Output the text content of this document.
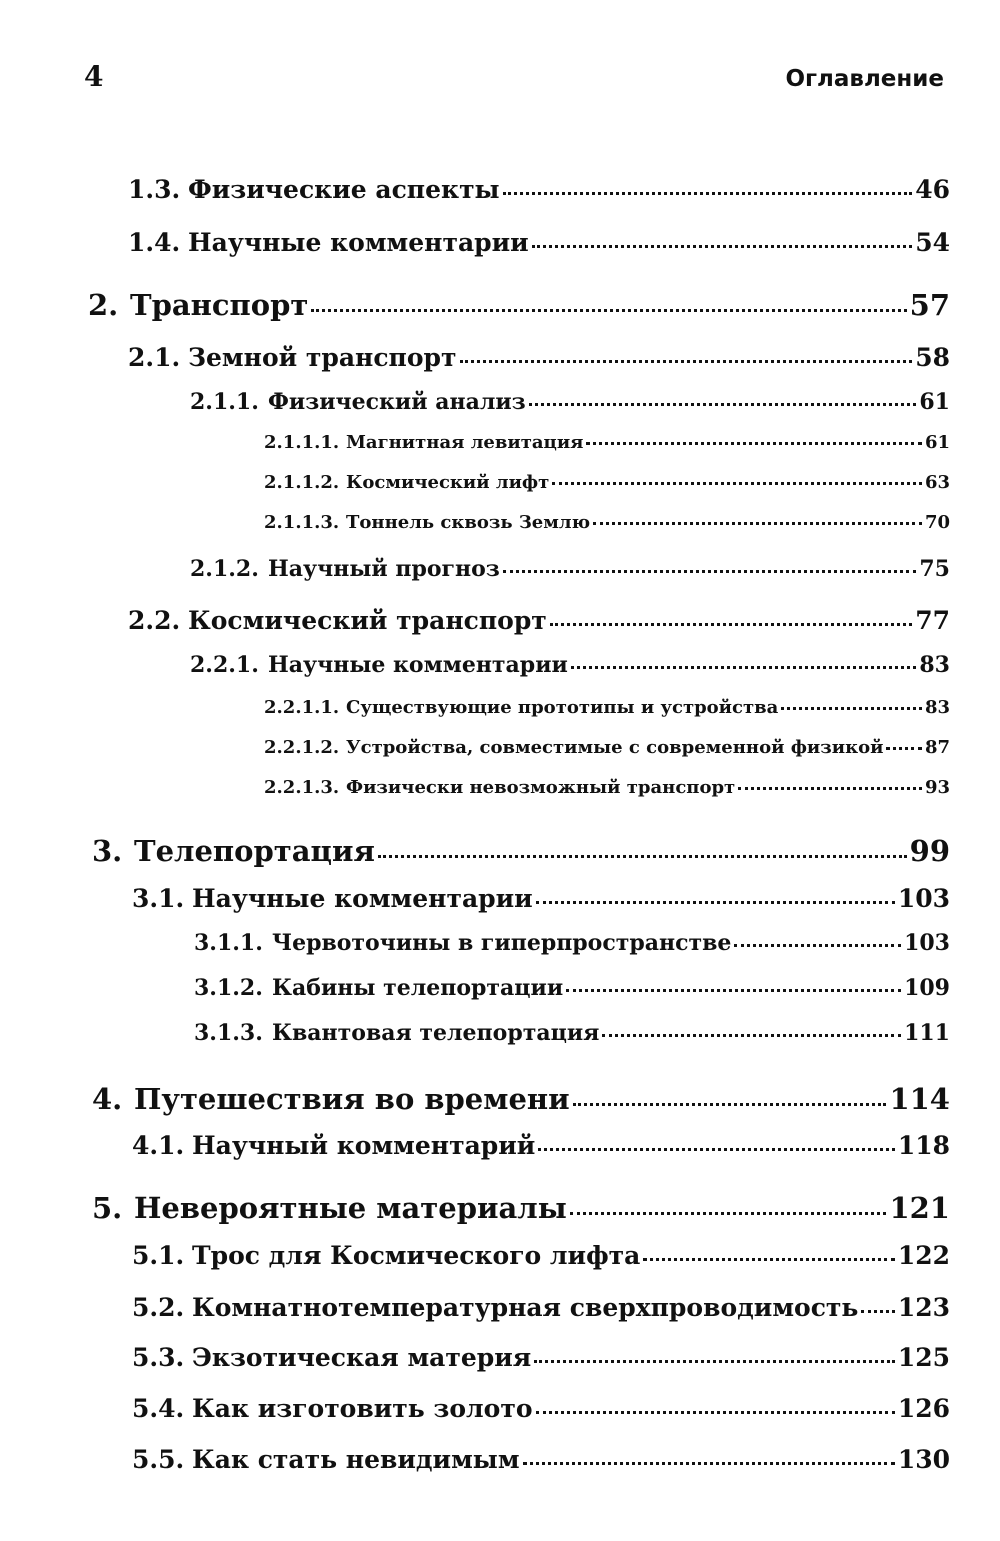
4	Оглавление
1.3. Физические аспекты	46
1.4. Научные комментарии	54
2. Транспорт	57
2.1. Земной транспорт	58
2.1.1. Физический анализ	61
2.1.1.1. Магнитная левитация	61
2.1.1.2. Космический лифт	63
2.1.1.3. Тоннель сквозь Землю	70
2.1.2. Научный прогноз	75
2.2. Космический транспорт	77
2.2.1. Научные комментарии	83
2.2.1.1. Существующие прототипы и устройства	83
2.2.1.2. Устройства, совместимые с современной физикой 87
2.2.1.3. Физически невозможный транспорт	93
3. Телепортация	99
3.1. Научные комментарии	103
3.1.1. Червоточины в гиперпространстве	103
3.1.2. Кабины телепортации	109
3.1.3. Квантовая телепортация	111
4. Путешествия во времени	114
4.1. Научный комментарий	118
5. Невероятные материалы	121
5.1. Трос для Космического лифта	122
5.2. Комнатнотемпературная сверхпроводимость 123
5.3. Экзотическая материя	125
5.4. Как изготовить золото	126
5.5. Как стать невидимым	130
